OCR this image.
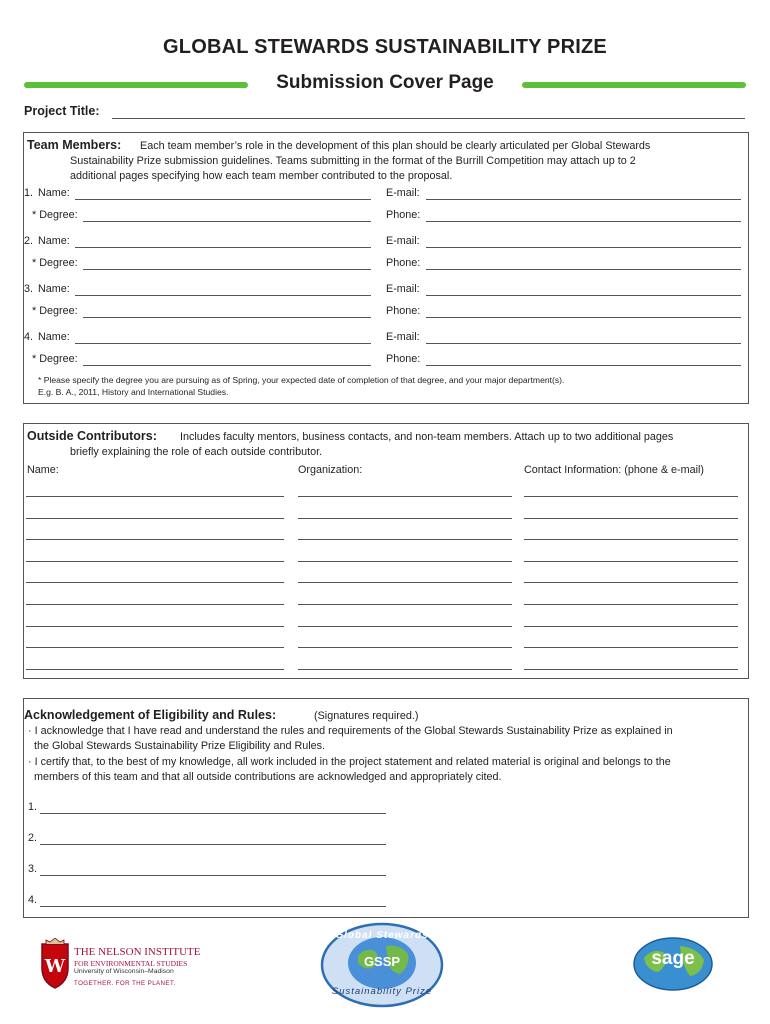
GLOBAL STEWARDS SUSTAINABILITY PRIZE
Submission Cover Page
Project Title:
Team Members: Each team member’s role in the development of this plan should be clearly articulated per Global Stewards
Sustainability Prize submission guidelines. Teams submitting in the format of the Burrill Competition may attach up to 2
additional pages specifying how each team member contributed to the proposal.
1. Name:	E-mail:
* Degree:	Phone:
2. Name:	E-mail:
* Degree:	Phone:
3. Name:	E-mail:
* Degree:	Phone:
4. Name:	E-mail:
* Degree:	Phone:
* Please specify the degree you are pursuing as of Spring, your expected date of completion of that degree, and your major department(s).
E.g. B. A., 2011, History and International Studies.
Outside Contributors: Includes faculty mentors, business contacts, and non-team members. Attach up to two additional pages
briefly explaining the role of each outside contributor.
Name:	Organization:	Contact Information: (phone & e-mail)
Acknowledgement of Eligibility and Rules:	(Signatures required.)
· I acknowledge that I have read and understand the rules and requirements of the Global Stewards Sustainability Prize as explained in
the Global Stewards Sustainability Prize Eligibility and Rules.
· I certify that, to the best of my knowledge, all work included in the project statement and related material is original and belongs to the
members of this team and that all outside contributions are acknowledged and appropriately cited.
1.
2.
3.
4.
W
THE NELSON INSTITUTE
FOR ENVIRONMENTAL STUDIES
University of Wisconsin–Madison
TOGETHER. FOR THE PLANET.
Global Stewards
GSSP
Sustainability Prize
sage
